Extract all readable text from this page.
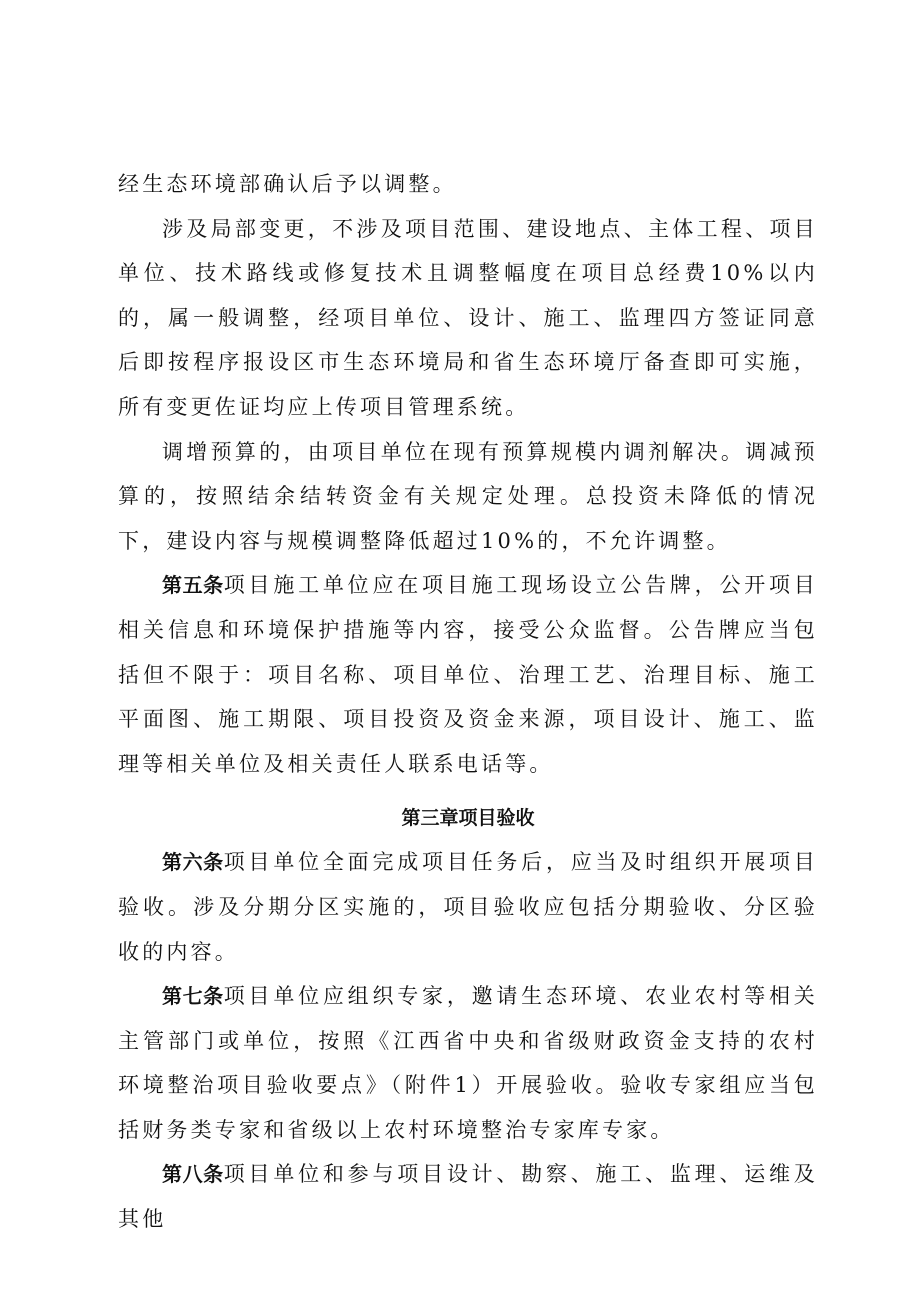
经生态环境部确认后予以调整。

涉及局部变更，不涉及项目范围、建设地点、主体工程、项目单位、技术路线或修复技术且调整幅度在项目总经费10%以内的，属一般调整，经项目单位、设计、施工、监理四方签证同意后即按程序报设区市生态环境局和省生态环境厅备查即可实施，所有变更佐证均应上传项目管理系统。

调增预算的，由项目单位在现有预算规模内调剂解决。调减预算的，按照结余结转资金有关规定处理。总投资未降低的情况下，建设内容与规模调整降低超过10%的，不允许调整。

第五条项目施工单位应在项目施工现场设立公告牌，公开项目相关信息和环境保护措施等内容，接受公众监督。公告牌应当包括但不限于：项目名称、项目单位、治理工艺、治理目标、施工平面图、施工期限、项目投资及资金来源，项目设计、施工、监理等相关单位及相关责任人联系电话等。

第三章项目验收

第六条项目单位全面完成项目任务后，应当及时组织开展项目验收。涉及分期分区实施的，项目验收应包括分期验收、分区验收的内容。

第七条项目单位应组织专家，邀请生态环境、农业农村等相关主管部门或单位，按照《江西省中央和省级财政资金支持的农村环境整治项目验收要点》（附件1）开展验收。验收专家组应当包括财务类专家和省级以上农村环境整治专家库专家。

第八条项目单位和参与项目设计、勘察、施工、监理、运维及其他
